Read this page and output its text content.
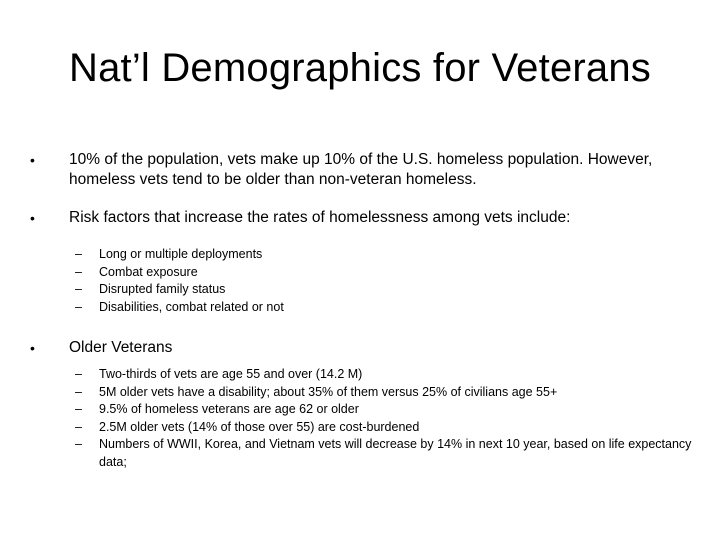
Nat’l Demographics for Veterans
•	10% of the population, vets make up 10% of the U.S. homeless population. However, homeless vets tend to be older than non-veteran homeless.
•	Risk factors that increase the rates of homelessness among vets include:
– Long or multiple deployments
– Combat exposure
– Disrupted family status
– Disabilities, combat related or not
•	Older Veterans
– Two-thirds of vets are age 55 and over (14.2 M)
– 5M older vets have a disability; about 35% of them versus 25% of civilians age 55+
– 9.5% of homeless veterans are age 62 or older
– 2.5M older vets (14% of those over 55) are cost-burdened
– Numbers of WWII, Korea, and Vietnam vets will decrease by 14% in next 10 year, based on life expectancy data;
